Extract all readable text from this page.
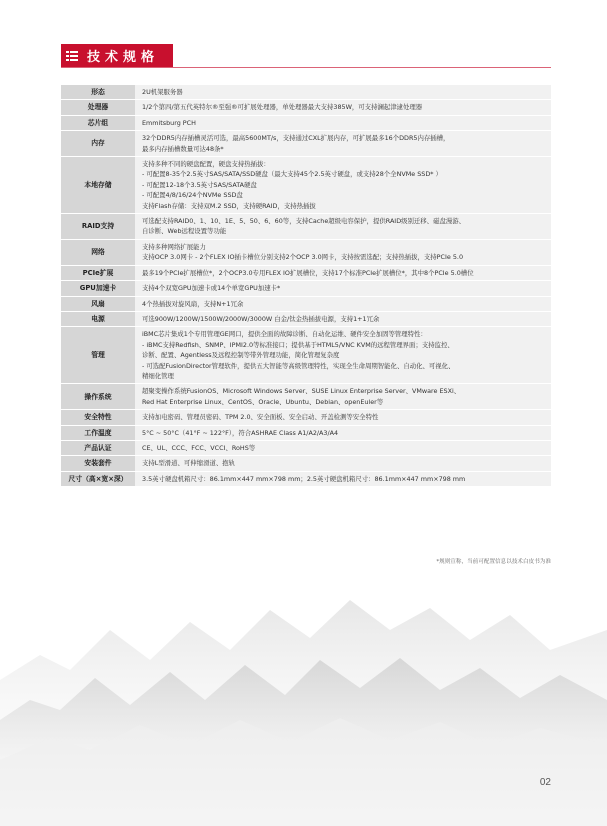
技术规格
形态	2U机架服务器

处理器	1/2个第四/第五代英特尔®至强®可扩展处理器，单处理器最大支持385W，可支持澜起津逮处理器

芯片组	Emmitsburg PCH

内存	32个DDR5内存插槽灵活可选，最高5600MT/s，支持通过CXL扩展内存，可扩展最多16个DDR5内存插槽，
最多内存插槽数量可达48条*

本地存储	支持多种不同的硬盘配置，硬盘支持热插拔：
- 可配置8-35个2.5英寸SAS/SATA/SSD硬盘（最大支持45个2.5英寸硬盘，或支持28个全NVMe SSD* ）
- 可配置12-18个3.5英寸SAS/SATA硬盘
- 可配置4/8/16/24个NVMe SSD盘
支持Flash存储：支持双M.2 SSD，支持硬RAID，支持热插拔

RAID支持	可选配支持RAID0、1、10、1E、5、50、6、60等，支持Cache超级电容保护，提供RAID级别迁移、磁盘漫游、
自诊断、Web远程设置等功能

网络	支持多种网络扩展能力
支持OCP 3.0网卡 - 2个FLEX IO插卡槽位分别支持2个OCP 3.0网卡，支持按需选配；支持热插拔，支持PCIe 5.0

PCIe扩展	最多19个PCIe扩展槽位*，2个OCP3.0专用FLEX IO扩展槽位，支持17个标准PCIe扩展槽位*，其中8个PCIe 5.0槽位

GPU加速卡	支持4个双宽GPU加速卡或14个单宽GPU加速卡*

风扇	4个热插拔对旋风扇，支持N+1冗余

电源	可选900W/1200W/1500W/2000W/3000W 白金/钛金热插拔电源，支持1+1冗余

管理	iBMC芯片集成1个专用管理GE网口，提供全面的故障诊断、自动化运维、硬件安全加固等管理特性：
- iBMC支持Redfish、SNMP、IPMI2.0等标准接口；提供基于HTML5/VNC KVM的远程管理界面；支持监控、
诊断、配置、Agentless及远程控制等带外管理功能，简化管理复杂度
- 可选配FusionDirector管理软件，提供五大智能等高级管理特性，实现全生命周期智能化、自动化、可视化、
精细化管理

操作系统	超聚变操作系统FusionOS、Microsoft Windows Server、SUSE Linux Enterprise Server、VMware ESXi、
Red Hat Enterprise Linux、CentOS、Oracle、Ubuntu、Debian、openEuler等

安全特性	支持加电密码、管理员密码、TPM 2.0、安全面板、安全启动、开盖检测等安全特性

工作温度	5°C ~ 50°C（41°F ~ 122°F），符合ASHRAE Class A1/A2/A3/A4

产品认证	CE、UL、CCC、FCC、VCCI、RoHS等

安装套件	支持L型滑道、可伸缩滑道、抱轨

尺寸（高×宽×深）	3.5英寸硬盘机箱尺寸：86.1mm×447 mm×798 mm；2.5英寸硬盘机箱尺寸：86.1mm×447 mm×798 mm
*规则宣称，当前可配置信息以技术白皮书为准
02
